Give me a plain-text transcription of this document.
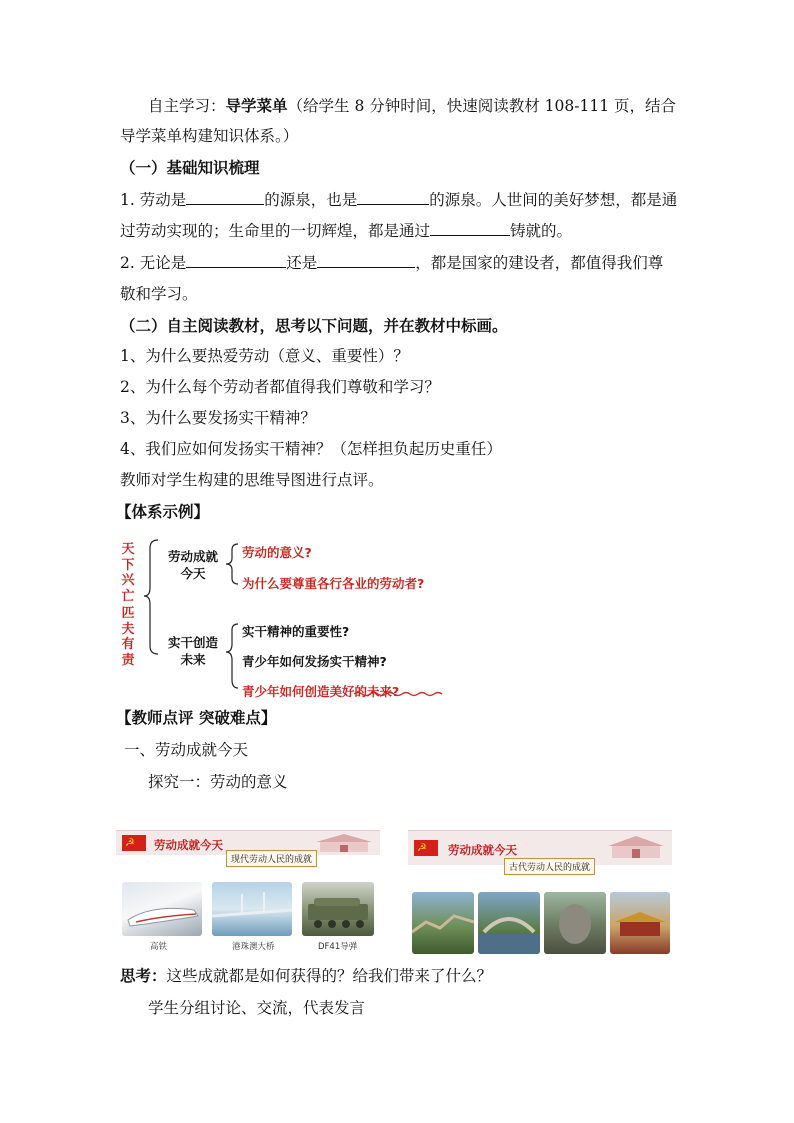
自主学习：导学菜单（给学生 8 分钟时间，快速阅读教材 108-111 页，结合
导学菜单构建知识体系。）
（一）基础知识梳理
1. 劳动是	的源泉，也是	的源泉。人世间的美好梦想，都是通
过劳动实现的；生命里的一切辉煌，都是通过	铸就的。
2. 无论是	还是	，都是国家的建设者，都值得我们尊
敬和学习。
（二）自主阅读教材，思考以下问题，并在教材中标画。
1、为什么要热爱劳动（意义、重要性）？
2、为什么每个劳动者都值得我们尊敬和学习？
3、为什么要发扬实干精神？
4、我们应如何发扬实干精神？（怎样担负起历史重任）
教师对学生构建的思维导图进行点评。
【体系示例】
天
下
兴
亡
匹
夫
有
责
劳动成就
今天
劳动的意义?
为什么要尊重各行各业的劳动者?
实干创造
未来
实干精神的重要性?
青少年如何发扬实干精神?
青少年如何创造美好的未来?
【教师点评 突破难点】
一、劳动成就今天
探究一：劳动的意义
☭ 劳动成就今天
现代劳动人民的成就
高铁	港珠澳大桥	DF41导弹
☭ 劳动成就今天
古代劳动人民的成就
思考：这些成就都是如何获得的？给我们带来了什么？
学生分组讨论、交流，代表发言
